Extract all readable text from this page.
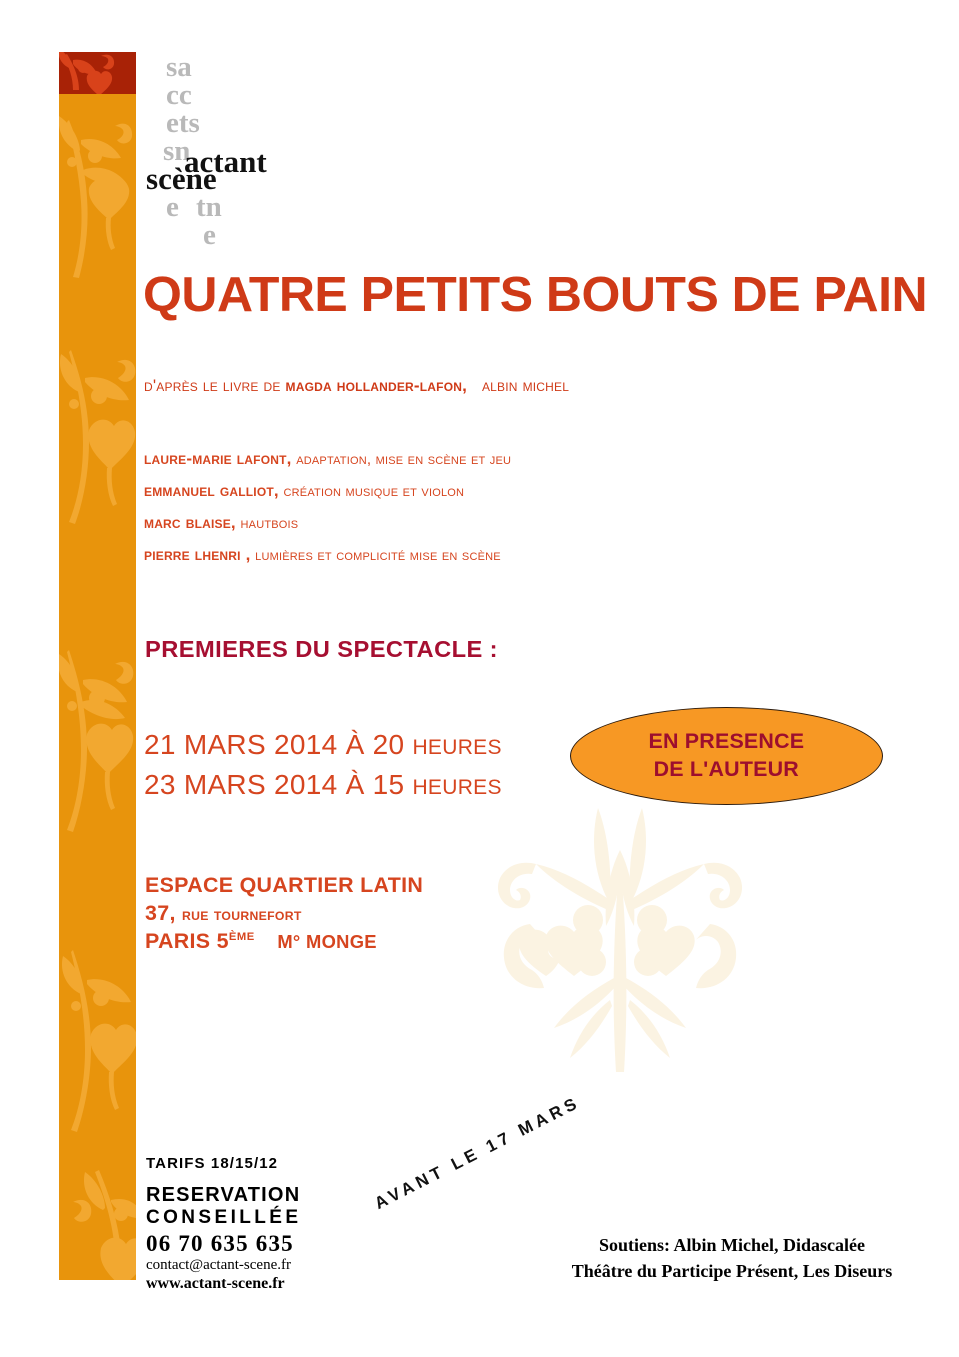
sa
cc
ets
sn
e tn
e
actant
scène
QUATRE PETITS BOUTS DE PAIN
d'après le livre de magda hollander-lafon, albin michel
laure-marie lafont, adaptation, mise en scène et jeu
emmanuel galliot, création musique et violon
marc blaise, hautbois
pierre lhenri , lumières et complicité mise en scène
PREMIERES DU SPECTACLE :
21 MARS 2014 À 20 HEURES
23 MARS 2014 À 15 HEURES
EN PRESENCE
DE L'AUTEUR
ESPACE QUARTIER LATIN
37, rue tournefort
PARIS 5ÈME M° MONGE
TARIFS 18/15/12
RESERVATION
CONSEILLÉE
06 70 635 635
contact@actant-scene.fr
www.actant-scene.fr
AVANT LE 17 MARS
Soutiens: Albin Michel, Didascalée
Théâtre du Participe Présent, Les Diseurs
